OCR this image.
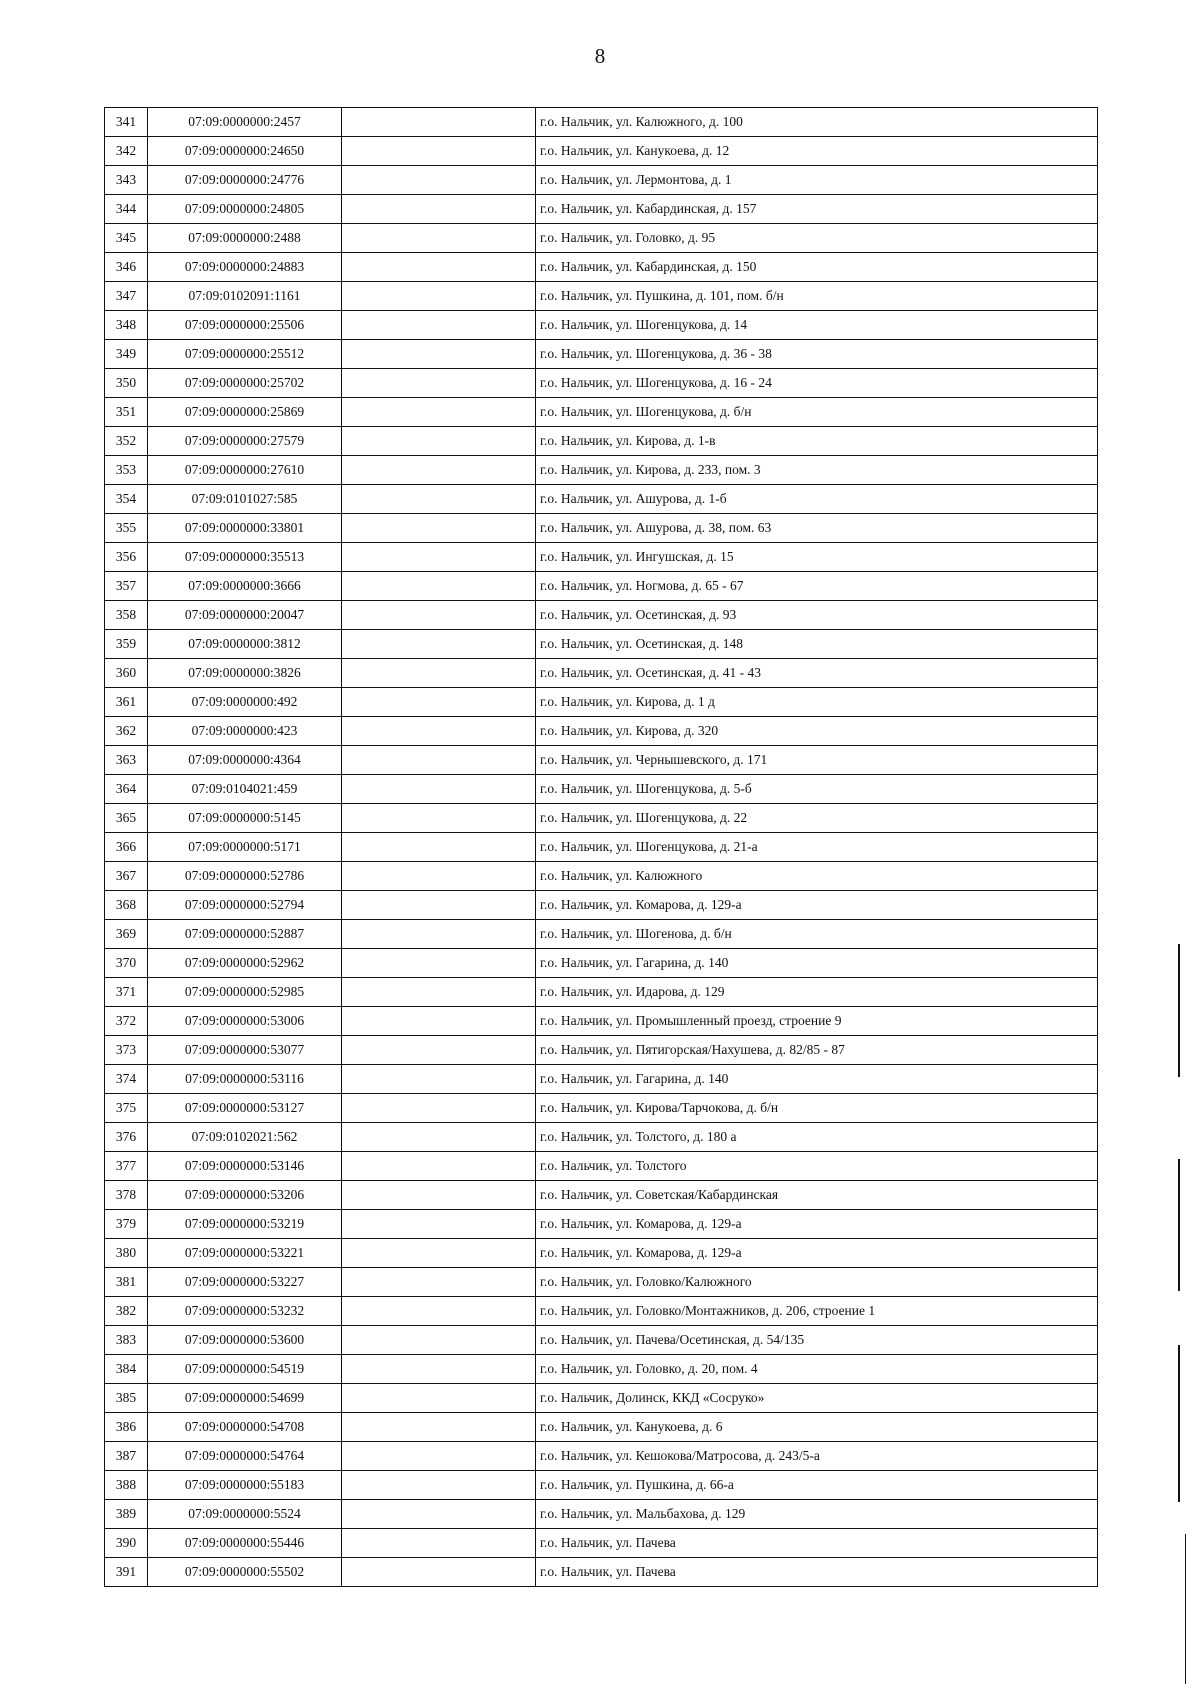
8
341	07:09:0000000:2457		г.о. Нальчик, ул. Калюжного, д. 100
342	07:09:0000000:24650		г.о. Нальчик, ул. Канукоева, д. 12
343	07:09:0000000:24776		г.о. Нальчик, ул. Лермонтова, д. 1
344	07:09:0000000:24805		г.о. Нальчик, ул. Кабардинская, д. 157
345	07:09:0000000:2488		г.о. Нальчик, ул. Головко, д. 95
346	07:09:0000000:24883		г.о. Нальчик, ул. Кабардинская, д. 150
347	07:09:0102091:1161		г.о. Нальчик, ул. Пушкина, д. 101, пом. б/н
348	07:09:0000000:25506		г.о. Нальчик, ул. Шогенцукова, д. 14
349	07:09:0000000:25512		г.о. Нальчик, ул. Шогенцукова, д. 36 - 38
350	07:09:0000000:25702		г.о. Нальчик, ул. Шогенцукова, д. 16 - 24
351	07:09:0000000:25869		г.о. Нальчик, ул. Шогенцукова, д. б/н
352	07:09:0000000:27579		г.о. Нальчик, ул. Кирова, д. 1-в
353	07:09:0000000:27610		г.о. Нальчик, ул. Кирова, д. 233, пом. 3
354	07:09:0101027:585		г.о. Нальчик, ул. Ашурова, д. 1-б
355	07:09:0000000:33801		г.о. Нальчик, ул. Ашурова, д. 38, пом. 63
356	07:09:0000000:35513		г.о. Нальчик, ул. Ингушская, д. 15
357	07:09:0000000:3666		г.о. Нальчик, ул. Ногмова, д. 65 - 67
358	07:09:0000000:20047		г.о. Нальчик, ул. Осетинская, д. 93
359	07:09:0000000:3812		г.о. Нальчик, ул. Осетинская, д. 148
360	07:09:0000000:3826		г.о. Нальчик, ул. Осетинская, д. 41 - 43
361	07:09:0000000:492		г.о. Нальчик, ул. Кирова, д. 1 д
362	07:09:0000000:423		г.о. Нальчик, ул. Кирова, д. 320
363	07:09:0000000:4364		г.о. Нальчик, ул. Чернышевского, д. 171
364	07:09:0104021:459		г.о. Нальчик, ул. Шогенцукова, д. 5-б
365	07:09:0000000:5145		г.о. Нальчик, ул. Шогенцукова, д. 22
366	07:09:0000000:5171		г.о. Нальчик, ул. Шогенцукова, д. 21-а
367	07:09:0000000:52786		г.о. Нальчик, ул. Калюжного
368	07:09:0000000:52794		г.о. Нальчик, ул. Комарова, д. 129-а
369	07:09:0000000:52887		г.о. Нальчик, ул. Шогенова, д. б/н
370	07:09:0000000:52962		г.о. Нальчик, ул. Гагарина, д. 140
371	07:09:0000000:52985		г.о. Нальчик, ул. Идарова, д. 129
372	07:09:0000000:53006		г.о. Нальчик, ул. Промышленный проезд, строение 9
373	07:09:0000000:53077		г.о. Нальчик, ул. Пятигорская/Нахушева, д. 82/85 - 87
374	07:09:0000000:53116		г.о. Нальчик, ул. Гагарина, д. 140
375	07:09:0000000:53127		г.о. Нальчик, ул. Кирова/Тарчокова, д. б/н
376	07:09:0102021:562		г.о. Нальчик, ул. Толстого, д. 180 а
377	07:09:0000000:53146		г.о. Нальчик, ул. Толстого
378	07:09:0000000:53206		г.о. Нальчик, ул. Советская/Кабардинская
379	07:09:0000000:53219		г.о. Нальчик, ул. Комарова, д. 129-а
380	07:09:0000000:53221		г.о. Нальчик, ул. Комарова, д. 129-а
381	07:09:0000000:53227		г.о. Нальчик, ул. Головко/Калюжного
382	07:09:0000000:53232		г.о. Нальчик, ул. Головко/Монтажников, д. 206, строение 1
383	07:09:0000000:53600		г.о. Нальчик, ул. Пачева/Осетинская, д. 54/135
384	07:09:0000000:54519		г.о. Нальчик, ул. Головко, д. 20, пом. 4
385	07:09:0000000:54699		г.о. Нальчик, Долинск, ККД «Сосруко»
386	07:09:0000000:54708		г.о. Нальчик, ул. Канукоева, д. 6
387	07:09:0000000:54764		г.о. Нальчик, ул. Кешокова/Матросова, д. 243/5-а
388	07:09:0000000:55183		г.о. Нальчик, ул. Пушкина, д. 66-а
389	07:09:0000000:5524		г.о. Нальчик, ул. Мальбахова, д. 129
390	07:09:0000000:55446		г.о. Нальчик, ул. Пачева
391	07:09:0000000:55502		г.о. Нальчик, ул. Пачева
